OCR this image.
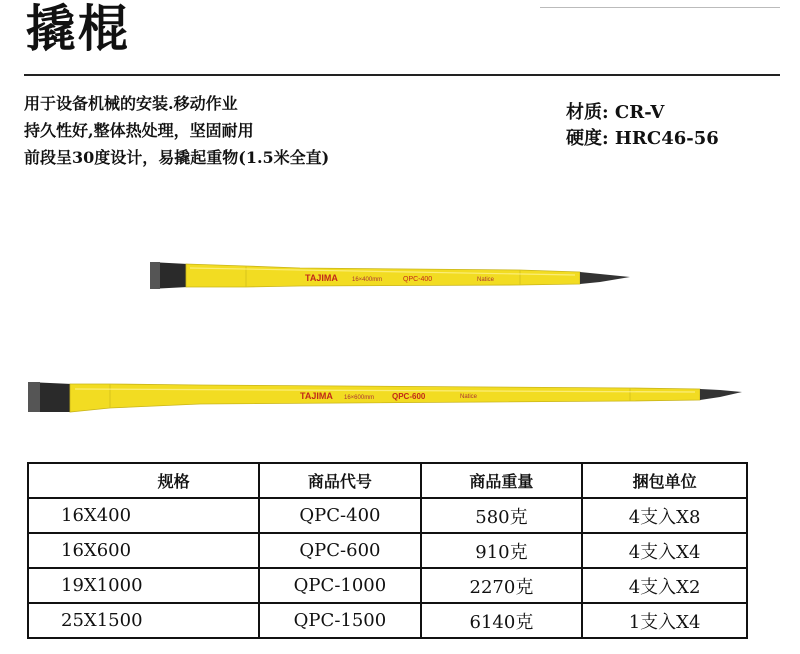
撬棍
用于设备机械的安装.移动作业
持久性好,整体热处理，坚固耐用
前段呈30度设计，易撬起重物(1.5米全直)
材质: CR-V
硬度: HRC46-56
TAJIMA 16×400mm	QPC-400	Natice
TAJIMA 16×600mm QPC-600	Natice
规格	商品代号	商品重量	捆包单位
16X400	QPC-400	580克	4支入X8
16X600	QPC-600	910克	4支入X4
19X1000	QPC-1000	2270克	4支入X2
25X1500	QPC-1500	6140克	1支入X4
